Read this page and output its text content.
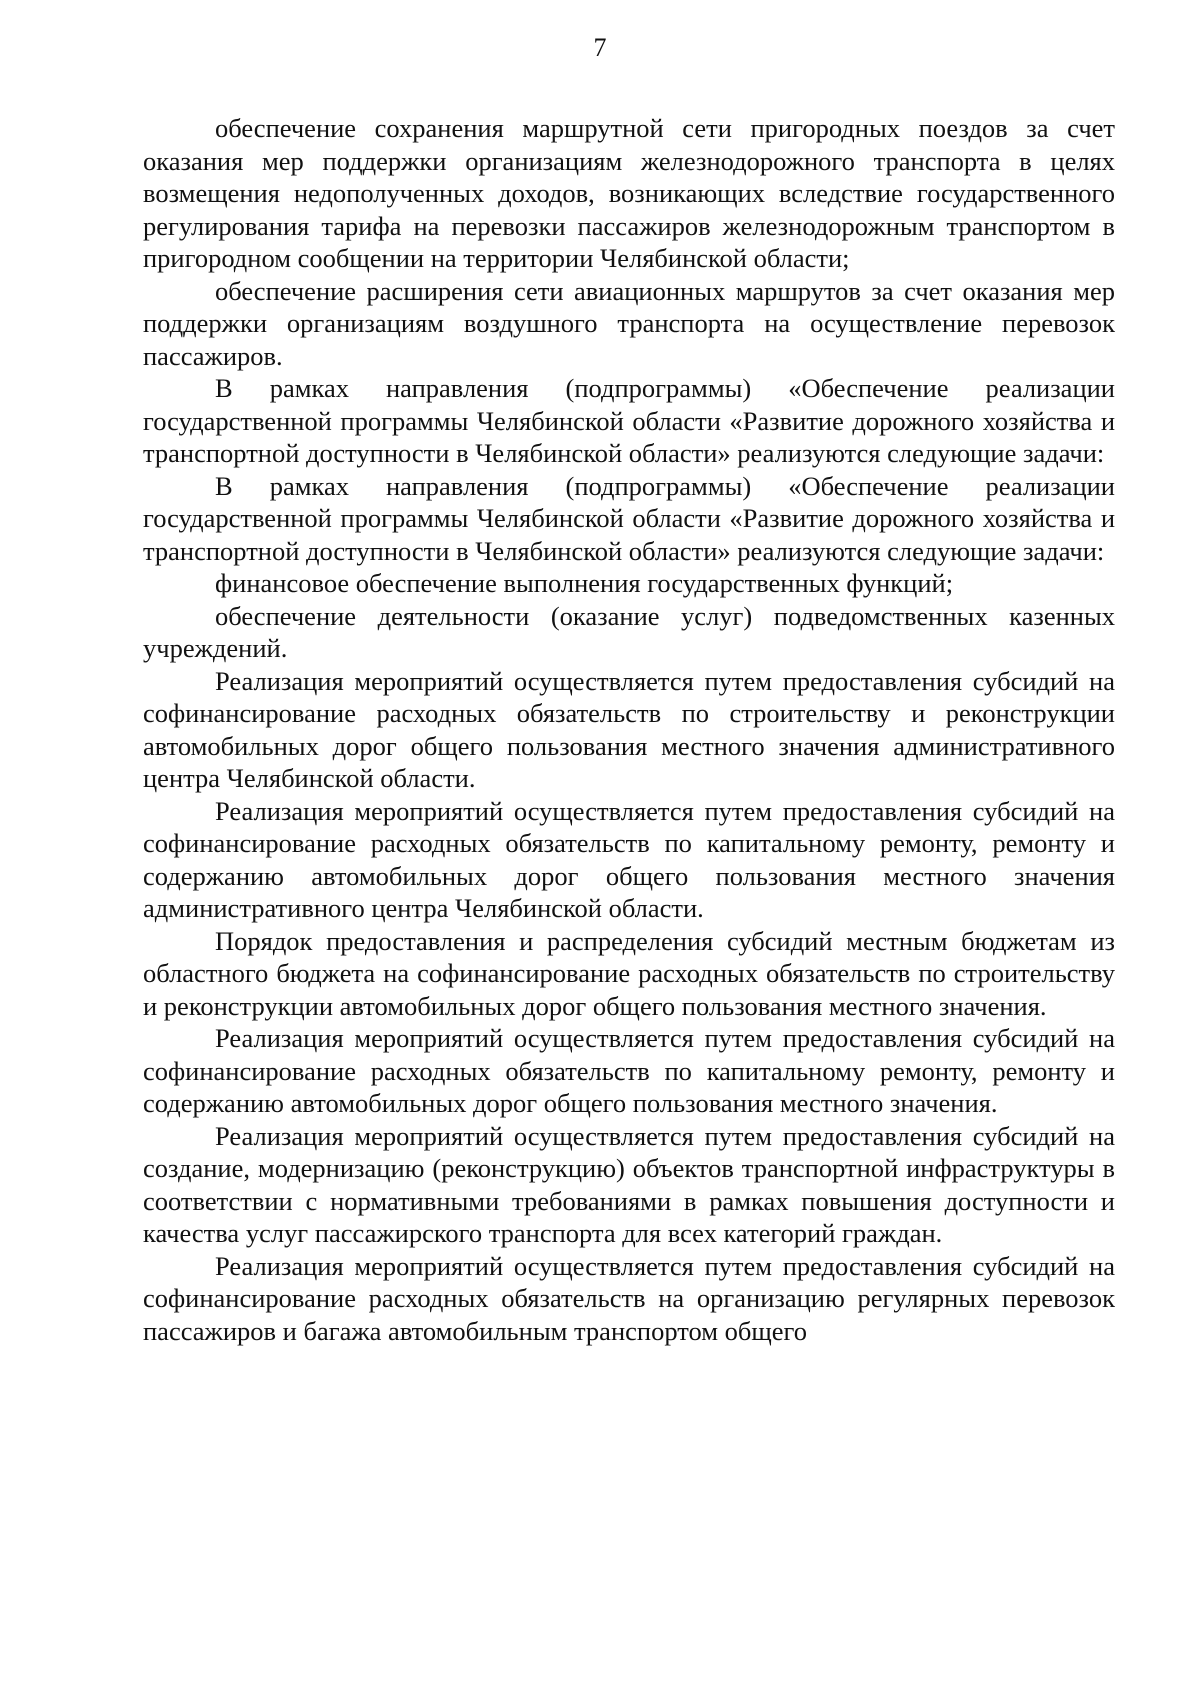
7

обеспечение сохранения маршрутной сети пригородных поездов за счет оказания мер поддержки организациям железнодорожного транспорта в целях возмещения недополученных доходов, возникающих вследствие государственного регулирования тарифа на перевозки пассажиров железнодорожным транспортом в пригородном сообщении на территории Челябинской области;

обеспечение расширения сети авиационных маршрутов за счет оказания мер поддержки организациям воздушного транспорта на осуществление перевозок пассажиров.

В рамках направления (подпрограммы) «Обеспечение реализации государственной программы Челябинской области «Развитие дорожного хозяйства и транспортной доступности в Челябинской области» реализуются следующие задачи:

В рамках направления (подпрограммы) «Обеспечение реализации государственной программы Челябинской области «Развитие дорожного хозяйства и транспортной доступности в Челябинской области» реализуются следующие задачи:

финансовое обеспечение выполнения государственных функций;

обеспечение деятельности (оказание услуг) подведомственных казенных учреждений.

Реализация мероприятий осуществляется путем предоставления субсидий на софинансирование расходных обязательств по строительству и реконструкции автомобильных дорог общего пользования местного значения административного центра Челябинской области.

Реализация мероприятий осуществляется путем предоставления субсидий на софинансирование расходных обязательств по капитальному ремонту, ремонту и содержанию автомобильных дорог общего пользования местного значения административного центра Челябинской области.

Порядок предоставления и распределения субсидий местным бюджетам из областного бюджета на софинансирование расходных обязательств по строительству и реконструкции автомобильных дорог общего пользования местного значения.

Реализация мероприятий осуществляется путем предоставления субсидий на софинансирование расходных обязательств по капитальному ремонту, ремонту и содержанию автомобильных дорог общего пользования местного значения.

Реализация мероприятий осуществляется путем предоставления субсидий на создание, модернизацию (реконструкцию) объектов транспортной инфраструктуры в соответствии с нормативными требованиями в рамках повышения доступности и качества услуг пассажирского транспорта для всех категорий граждан.

Реализация мероприятий осуществляется путем предоставления субсидий на софинансирование расходных обязательств на организацию регулярных перевозок пассажиров и багажа автомобильным транспортом общего
